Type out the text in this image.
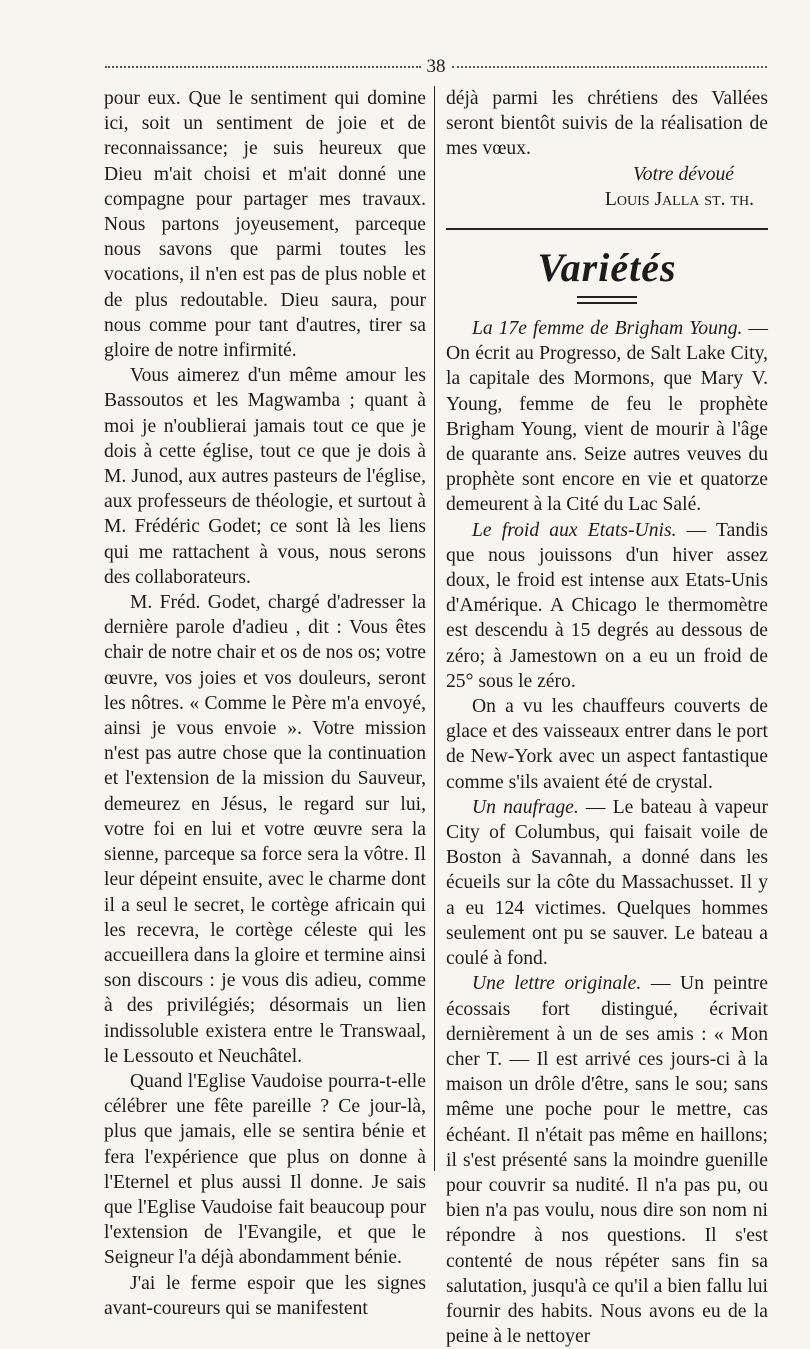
38

pour eux. Que le sentiment qui domine ici, soit un sentiment de joie et de reconnaissance; je suis heureux que Dieu m'ait choisi et m'ait donné une compagne pour partager mes travaux. Nous partons joyeusement, parceque nous savons que parmi toutes les vocations, il n'en est pas de plus noble et de plus redoutable. Dieu saura, pour nous comme pour tant d'autres, tirer sa gloire de notre infirmité.

Vous aimerez d'un même amour les Bassoutos et les Magwamba ; quant à moi je n'oublierai jamais tout ce que je dois à cette église, tout ce que je dois à M. Junod, aux autres pasteurs de l'église, aux professeurs de théologie, et surtout à M. Frédéric Godet; ce sont là les liens qui me rattachent à vous, nous serons des collaborateurs.

M. Fréd. Godet, chargé d'adresser la dernière parole d'adieu , dit : Vous êtes chair de notre chair et os de nos os; votre œuvre, vos joies et vos douleurs, seront les nôtres. « Comme le Père m'a envoyé, ainsi je vous envoie ». Votre mission n'est pas autre chose que la continuation et l'extension de la mission du Sauveur, demeurez en Jésus, le regard sur lui, votre foi en lui et votre œuvre sera la sienne, parceque sa force sera la vôtre. Il leur dépeint ensuite, avec le charme dont il a seul le secret, le cortège africain qui les recevra, le cortège céleste qui les accueillera dans la gloire et termine ainsi son discours : je vous dis adieu, comme à des privilégiés; désormais un lien indissoluble existera entre le Transwaal, le Lessouto et Neuchâtel.

Quand l'Eglise Vaudoise pourra-t-elle célébrer une fête pareille ? Ce jour-là, plus que jamais, elle se sentira bénie et fera l'expérience que plus on donne à l'Eternel et plus aussi Il donne. Je sais que l'Eglise Vaudoise fait beaucoup pour l'extension de l'Evangile, et que le Seigneur l'a déjà abondamment bénie.

J'ai le ferme espoir que les signes avant-coureurs qui se manifestent

déjà parmi les chrétiens des Vallées seront bientôt suivis de la réalisation de mes vœux.

Votre dévoué

Louis Jalla st. th.

Variétés

La 17e femme de Brigham Young. — On écrit au Progresso, de Salt Lake City, la capitale des Mormons, que Mary V. Young, femme de feu le prophète Brigham Young, vient de mourir à l'âge de quarante ans. Seize autres veuves du prophète sont encore en vie et quatorze demeurent à la Cité du Lac Salé.

Le froid aux Etats-Unis. — Tandis que nous jouissons d'un hiver assez doux, le froid est intense aux Etats-Unis d'Amérique. A Chicago le thermomètre est descendu à 15 degrés au dessous de zéro; à Jamestown on a eu un froid de 25° sous le zéro.

On a vu les chauffeurs couverts de glace et des vaisseaux entrer dans le port de New-York avec un aspect fantastique comme s'ils avaient été de crystal.

Un naufrage. — Le bateau à vapeur City of Columbus, qui faisait voile de Boston à Savannah, a donné dans les écueils sur la côte du Massachusset. Il y a eu 124 victimes. Quelques hommes seulement ont pu se sauver. Le bateau a coulé à fond.

Une lettre originale. — Un peintre écossais fort distingué, écrivait dernièrement à un de ses amis : « Mon cher T. — Il est arrivé ces jours-ci à la maison un drôle d'être, sans le sou; sans même une poche pour le mettre, cas échéant. Il n'était pas même en haillons; il s'est présenté sans la moindre guenille pour couvrir sa nudité. Il n'a pas pu, ou bien n'a pas voulu, nous dire son nom ni répondre à nos questions. Il s'est contenté de nous répéter sans fin sa salutation, jusqu'à ce qu'il a bien fallu lui fournir des habits. Nous avons eu de la peine à le nettoyer
